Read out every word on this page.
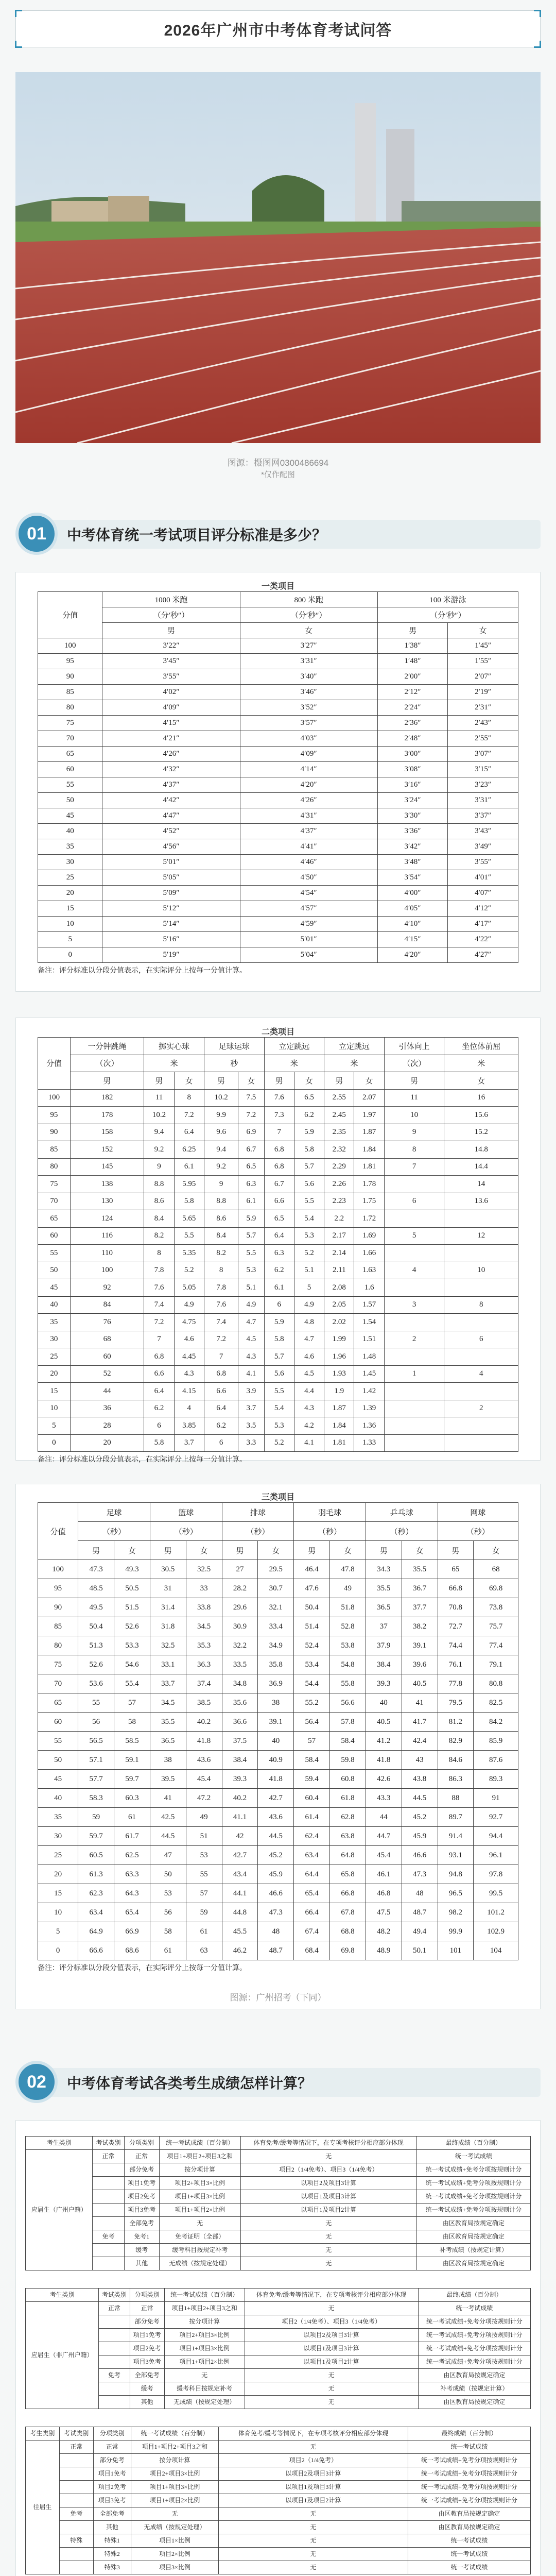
2026年广州市中考体育考试问答
图源：摄图网0300486694
*仅作配图
中考体育统一考试项目评分标准是多少？
01
一类项目
分值	1000 米跑	800 米跑	100 米游泳	
	（分′秒″）	（分′秒″）	（分′秒″）	
	男	女	男	女
100	3′22″	3′27″	1′38″	1′45″
95	3′45″	3′31″	1′48″	1′55″
90	3′55″	3′40″	2′00″	2′07″
85	4′02″	3′46″	2′12″	2′19″
80	4′09″	3′52″	2′24″	2′31″
75	4′15″	3′57″	2′36″	2′43″
70	4′21″	4′03″	2′48″	2′55″
65	4′26″	4′09″	3′00″	3′07″
60	4′32″	4′14″	3′08″	3′15″
55	4′37″	4′20″	3′16″	3′23″
50	4′42″	4′26″	3′24″	3′31″
45	4′47″	4′31″	3′30″	3′37″
40	4′52″	4′37″	3′36″	3′43″
35	4′56″	4′41″	3′42″	3′49″
30	5′01″	4′46″	3′48″	3′55″
25	5′05″	4′50″	3′54″	4′01″
20	5′09″	4′54″	4′00″	4′07″
15	5′12″	4′57″	4′05″	4′12″
10	5′14″	4′59″	4′10″	4′17″
5	5′16″	5′01″	4′15″	4′22″
0	5′19″	5′04″	4′20″	4′27″
备注：评分标准以分段分值表示，在实际评分上按每一分值计算。
二类项目
分值	一分钟跳绳	掷实心球		足球运球		立定跳远		立定跳远		引体向上	坐位体前屈
	（次）	米		秒		米		米		（次）	米
	男	男	女	男	女	男	女	男	女	男	女
100	182	11	8	10.2	7.5	7.6	6.5	2.55	2.07	11	16
95	178	10.2	7.2	9.9	7.2	7.3	6.2	2.45	1.97	10	15.6
90	158	9.4	6.4	9.6	6.9	7	5.9	2.35	1.87	9	15.2
85	152	9.2	6.25	9.4	6.7	6.8	5.8	2.32	1.84	8	14.8
80	145	9	6.1	9.2	6.5	6.8	5.7	2.29	1.81	7	14.4
75	138	8.8	5.95	9	6.3	6.7	5.6	2.26	1.78		14
70	130	8.6	5.8	8.8	6.1	6.6	5.5	2.23	1.75	6	13.6
65	124	8.4	5.65	8.6	5.9	6.5	5.4	2.2	1.72		
60	116	8.2	5.5	8.4	5.7	6.4	5.3	2.17	1.69	5	12
55	110	8	5.35	8.2	5.5	6.3	5.2	2.14	1.66		
50	100	7.8	5.2	8	5.3	6.2	5.1	2.11	1.63	4	10
45	92	7.6	5.05	7.8	5.1	6.1	5	2.08	1.6		
40	84	7.4	4.9	7.6	4.9	6	4.9	2.05	1.57	3	8
35	76	7.2	4.75	7.4	4.7	5.9	4.8	2.02	1.54		
30	68	7	4.6	7.2	4.5	5.8	4.7	1.99	1.51	2	6
25	60	6.8	4.45	7	4.3	5.7	4.6	1.96	1.48		
20	52	6.6	4.3	6.8	4.1	5.6	4.5	1.93	1.45	1	4
15	44	6.4	4.15	6.6	3.9	5.5	4.4	1.9	1.42		
10	36	6.2	4	6.4	3.7	5.4	4.3	1.87	1.39		2
5	28	6	3.85	6.2	3.5	5.3	4.2	1.84	1.36		
0	20	5.8	3.7	6	3.3	5.2	4.1	1.81	1.33		
备注：评分标准以分段分值表示，在实际评分上按每一分值计算。
三类项目
分值	足球		篮球		排球		羽毛球		乒乓球		网球	
	（秒）		（秒）		（秒）		（秒）		（秒）		（秒）	
	男	女	男	女	男	女	男	女	男	女	男	女
100	47.3	49.3	30.5	32.5	27	29.5	46.4	47.8	34.3	35.5	65	68
95	48.5	50.5	31	33	28.2	30.7	47.6	49	35.5	36.7	66.8	69.8
90	49.5	51.5	31.4	33.8	29.6	32.1	50.4	51.8	36.5	37.7	70.8	73.8
85	50.4	52.6	31.8	34.5	30.9	33.4	51.4	52.8	37	38.2	72.7	75.7
80	51.3	53.3	32.5	35.3	32.2	34.9	52.4	53.8	37.9	39.1	74.4	77.4
75	52.6	54.6	33.1	36.3	33.5	35.8	53.4	54.8	38.4	39.6	76.1	79.1
70	53.6	55.4	33.7	37.4	34.8	36.9	54.4	55.8	39.3	40.5	77.8	80.8
65	55	57	34.5	38.5	35.6	38	55.2	56.6	40	41	79.5	82.5
60	56	58	35.5	40.2	36.6	39.1	56.4	57.8	40.5	41.7	81.2	84.2
55	56.5	58.5	36.5	41.8	37.5	40	57	58.4	41.2	42.4	82.9	85.9
50	57.1	59.1	38	43.6	38.4	40.9	58.4	59.8	41.8	43	84.6	87.6
45	57.7	59.7	39.5	45.4	39.3	41.8	59.4	60.8	42.6	43.8	86.3	89.3
40	58.3	60.3	41	47.2	40.2	42.7	60.4	61.8	43.3	44.5	88	91
35	59	61	42.5	49	41.1	43.6	61.4	62.8	44	45.2	89.7	92.7
30	59.7	61.7	44.5	51	42	44.5	62.4	63.8	44.7	45.9	91.4	94.4
25	60.5	62.5	47	53	42.7	45.2	63.4	64.8	45.4	46.6	93.1	96.1
20	61.3	63.3	50	55	43.4	45.9	64.4	65.8	46.1	47.3	94.8	97.8
15	62.3	64.3	53	57	44.1	46.6	65.4	66.8	46.8	48	96.5	99.5
10	63.4	65.4	56	59	44.8	47.3	66.4	67.8	47.5	48.7	98.2	101.2
5	64.9	66.9	58	61	45.5	48	67.4	68.8	48.2	49.4	99.9	102.9
0	66.6	68.6	61	63	46.2	48.7	68.4	69.8	48.9	50.1	101	104
备注：评分标准以分段分值表示，在实际评分上按每一分值计算。
图源：广州招考（下同）
中考体育考试各类考生成绩怎样计算？
02
考生类别	考试类别	分项类别	统一考试成绩（百分制）	体育免考/缓考等情况下，在专项考核评分相应部分体现	最终成绩（百分制）
应届生（广州户籍）	正常	正常	项目1+项目2+项目3之和	无	统一考试成绩
		部分免考	按分项计算	项目2（1/4免考）、项目3（1/4免考）	统一考试成绩+免考分项按规则计分
		项目1免考	项目2+项目3×比例	以项目2及项目3计算	统一考试成绩+免考分项按规则计分
		项目2免考	项目1+项目3×比例	以项目1及项目3计算	统一考试成绩+免考分项按规则计分
		项目3免考	项目1+项目2×比例	以项目1及项目2计算	统一考试成绩+免考分项按规则计分
		全部免考	无	无	由区教育局按规定确定
	免考	免考1	免考证明（全部）	无	由区教育局按规定确定
		缓考	缓考科目按规定补考	无	补考成绩（按规定计算）
		其他	无成绩（按规定处理）	无	由区教育局按规定确定
考生类别	考试类别	分项类别	统一考试成绩（百分制）	体育免考/缓考等情况下，在专项考核评分相应部分体现	最终成绩（百分制）
应届生（非广州户籍）	正常	正常	项目1+项目2+项目3之和	无	统一考试成绩
		部分免考	按分项计算	项目2（1/4免考）、项目3（1/4免考）	统一考试成绩+免考分项按规则计分
		项目1免考	项目2+项目3×比例	以项目2及项目3计算	统一考试成绩+免考分项按规则计分
		项目2免考	项目1+项目3×比例	以项目1及项目3计算	统一考试成绩+免考分项按规则计分
		项目3免考	项目1+项目2×比例	以项目1及项目2计算	统一考试成绩+免考分项按规则计分
	免考	全部免考	无	无	由区教育局按规定确定
		缓考	缓考科目按规定补考	无	补考成绩（按规定计算）
		其他	无成绩（按规定处理）	无	由区教育局按规定确定
考生类别	考试类别	分项类别	统一考试成绩（百分制）	体育免考/缓考等情况下，在专项考核评分相应部分体现	最终成绩（百分制）
往届生	正常	正常	项目1+项目2+项目3之和	无	统一考试成绩
		部分免考	按分项计算	项目2（1/4免考）	统一考试成绩+免考分项按规则计分
		项目1免考	项目2+项目3×比例	以项目2及项目3计算	统一考试成绩+免考分项按规则计分
		项目2免考	项目1+项目3×比例	以项目1及项目3计算	统一考试成绩+免考分项按规则计分
		项目3免考	项目1+项目2×比例	以项目1及项目2计算	统一考试成绩+免考分项按规则计分
	免考	全部免考	无	无	由区教育局按规定确定
		其他	无成绩（按规定处理）	无	由区教育局按规定确定
	特殊	特殊1	项目1×比例	无	统一考试成绩
		特殊2	项目2×比例	无	统一考试成绩
		特殊3	项目3×比例	无	统一考试成绩
